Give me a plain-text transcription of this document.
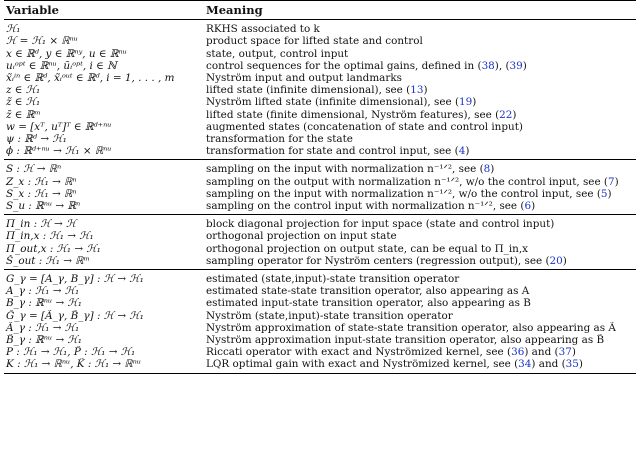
Variable	Meaning
ℋ₁	RKHS associated to k
ℋ = ℋ₁ × ℝⁿᵘ	product space for lifted state and control
x ∈ ℝᵈ, y ∈ ℝⁿʸ, u ∈ ℝⁿᵘ	state, output, control input
uᵢᵒᵖᵗ ∈ ℝⁿᵘ, ũᵢᵒᵖᵗ, i ∈ ℕ	control sequences for the optimal gains, defined in (38), (39)
x̃ᵢⁱⁿ ∈ ℝᵈ, x̃ᵢᵒᵘᵗ ∈ ℝᵈ, i = 1, . . . , m	Nyström input and output landmarks
z ∈ ℋ₁	lifted state (infinite dimensional), see (13)
z̃ ∈ ℋ₁	Nyström lifted state (infinite dimensional), see (19)
z̄ ∈ ℝᵐ	lifted state (finite dimensional, Nyström features), see (22)
w = [xᵀ, uᵀ]ᵀ ∈ ℝᵈ⁺ⁿᵘ	augmented states (concatenation of state and control input)
ψ : ℝᵈ → ℋ₁	transformation for the state
ϕ : ℝᵈ⁺ⁿᵘ → ℋ₁ × ℝⁿᵘ	transformation for state and control input, see (4)
S : ℋ → ℝⁿ	sampling on the input with normalization n⁻¹ᐟ², see (8)
Z_x : ℋ₁ → ℝⁿ	sampling on the output with normalization n⁻¹ᐟ², w/o the control input, see (7)
S_x : ℋ₁ → ℝⁿ	sampling on the input with normalization n⁻¹ᐟ², w/o the control input, see (5)
S_u : ℝⁿᵘ → ℝⁿ	sampling on the control input with normalization n⁻¹ᐟ², see (6)
Π_in : ℋ → ℋ	block diagonal projection for input space (state and control input)
Π_in,x : ℋ₁ → ℋ₁	orthogonal projection on input state
Π_out,x : ℋ₁ → ℋ₁	orthogonal projection on output state, can be equal to Π_in,x
Š_out : ℋ₁ → ℝᵐ	sampling operator for Nyström centers (regression output), see (20)
G_γ = [A_γ, B_γ] : ℋ → ℋ₁	estimated (state,input)-state transition operator
A_γ : ℋ₁ → ℋ₁	estimated state-state transition operator, also appearing as A
B_γ : ℝⁿᵘ → ℋ₁	estimated input-state transition operator, also appearing as B
G̃_γ = [Ã_γ, B̃_γ] : ℋ → ℋ₁	Nyström (state,input)-state transition operator
Ã_γ : ℋ₁ → ℋ₁	Nyström approximation of state-state transition operator, also appearing as Ã
B̃_γ : ℝⁿᵘ → ℋ₁	Nyström approximation input-state transition operator, also appearing as B̃
P : ℋ₁ → ℋ₁, P̃ : ℋ₁ → ℋ₁	Riccati operator with exact and Nyströmized kernel, see (36) and (37)
K : ℋ₁ → ℝⁿᵘ, K̃ : ℋ₁ → ℝⁿᵘ	LQR optimal gain with exact and Nyströmized kernel, see (34) and (35)
